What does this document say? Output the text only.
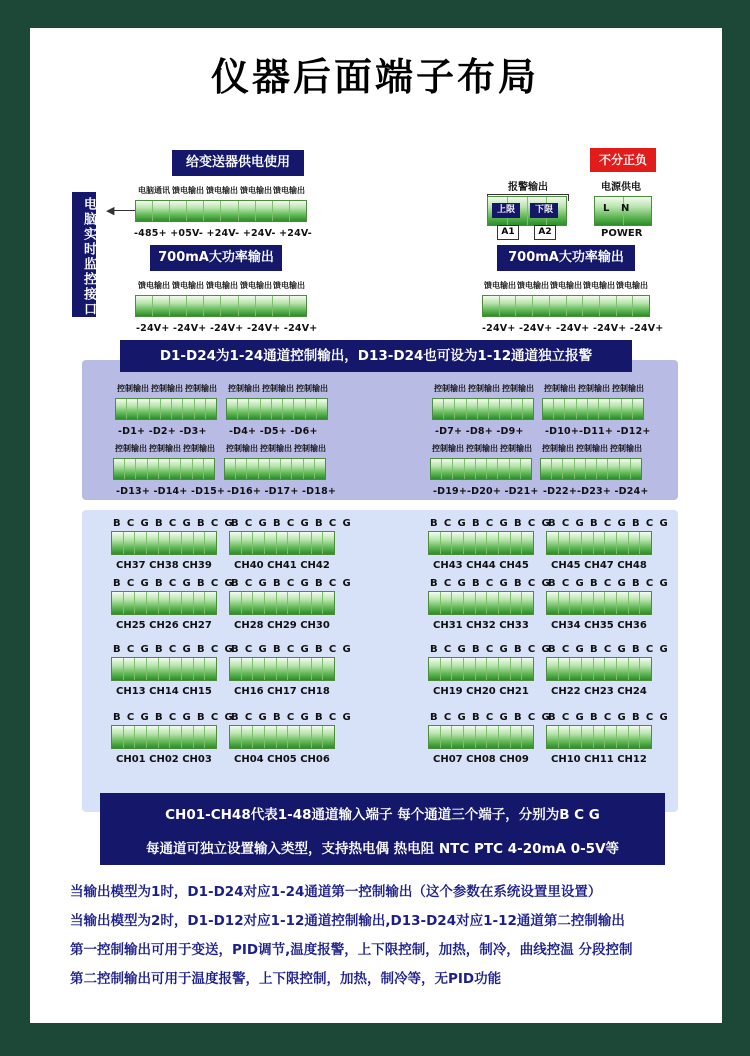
仪器后面端子布局
给变送器供电使用
电脑通讯 馈电输出 馈电输出 馈电输出 馈电输出
-485+ +05V- +24V- +24V- +24V-
◀
电脑实时监控接口	700mA大功率输出
馈电输出 馈电输出 馈电输出 馈电输出 馈电输出
-24V+ -24V+ -24V+ -24V+ -24V+
不分正负
报警输出	电源供电
上限	下限
A1	A2
L N
POWER
700mA大功率输出
馈电输出 馈电输出 馈电输出 馈电输出 馈电输出
-24V+ -24V+ -24V+ -24V+ -24V+
D1-D24为1-24通道控制输出，D13-D24也可设为1-12通道独立报警
控制输出 控制输出 控制输出
-D1+ -D2+ -D3+
控制输出 控制输出 控制输出
-D4+ -D5+ -D6+
控制输出 控制输出 控制输出
-D7+ -D8+ -D9+
控制输出 控制输出 控制输出
-D10+-D11+ -D12+
控制输出 控制输出 控制输出
-D13+ -D14+ -D15+
控制输出 控制输出 控制输出
-D16+ -D17+ -D18+
控制输出 控制输出 控制输出
-D19+-D20+ -D21+
控制输出 控制输出 控制输出
-D22+-D23+ -D24+
B C G B C G B C G
CH37 CH38 CH39
B C G B C G B C G
CH40 CH41 CH42
B C G B C G B C G
CH43 CH44 CH45
B C G B C G B C G
CH45 CH47 CH48
B C G B C G B C G
CH25 CH26 CH27
B C G B C G B C G
CH28 CH29 CH30
B C G B C G B C G
CH31 CH32 CH33
B C G B C G B C G
CH34 CH35 CH36
B C G B C G B C G
CH13 CH14 CH15
B C G B C G B C G
CH16 CH17 CH18
B C G B C G B C G
CH19 CH20 CH21
B C G B C G B C G
CH22 CH23 CH24
B C G B C G B C G
CH01 CH02 CH03
B C G B C G B C G
CH04 CH05 CH06
B C G B C G B C G
CH07 CH08 CH09
B C G B C G B C G
CH10 CH11 CH12
CH01-CH48代表1-48通道输入端子 每个通道三个端子，分别为B C G
每通道可独立设置输入类型，支持热电偶 热电阻 NTC PTC 4-20mA 0-5V等
当输出模型为1时，D1-D24对应1-24通道第一控制输出（这个参数在系统设置里设置）
当输出模型为2时，D1-D12对应1-12通道控制输出,D13-D24对应1-12通道第二控制输出
第一控制输出可用于变送，PID调节,温度报警，上下限控制，加热，制冷，曲线控温 分段控制
第二控制输出可用于温度报警，上下限控制，加热，制冷等，无PID功能
